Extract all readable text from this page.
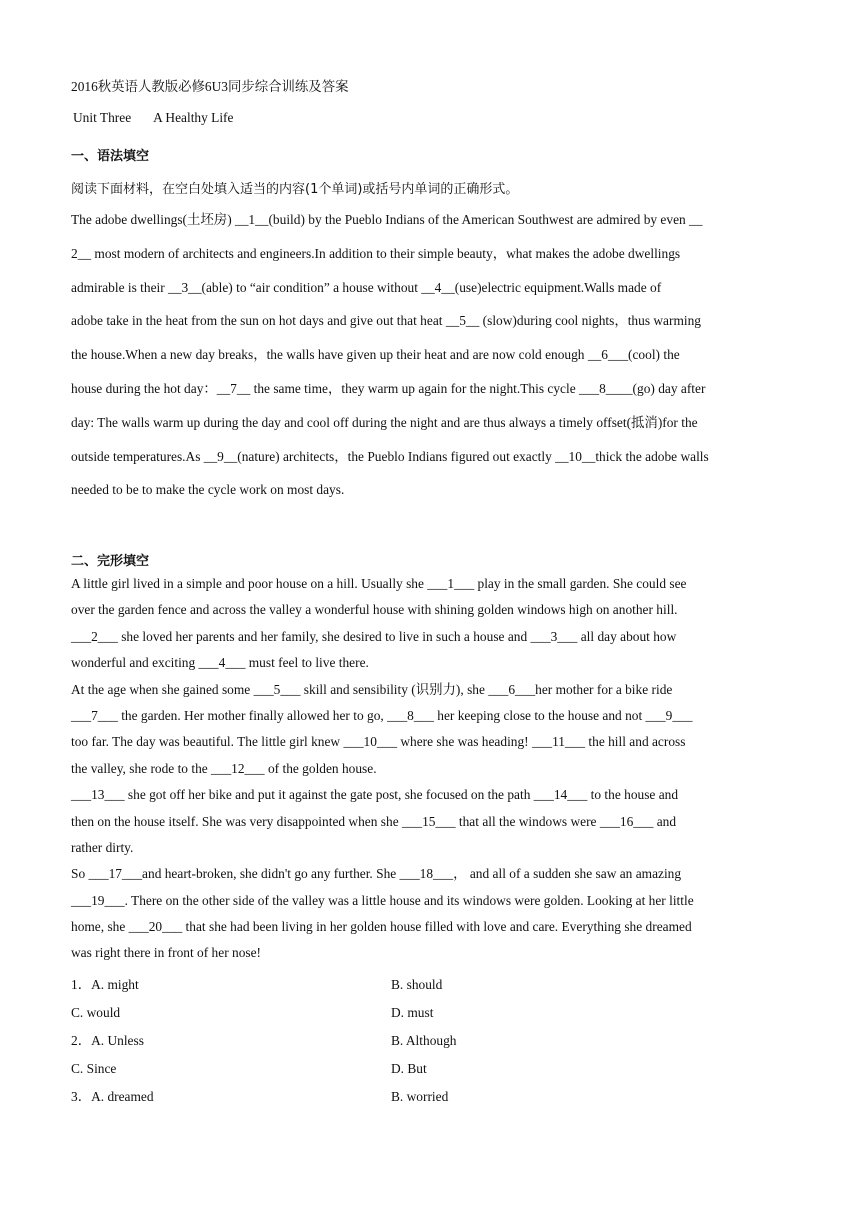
2016秋英语人教版必修6U3同步综合训练及答案
Unit Three A Healthy Life
一、语法填空
阅读下面材料，在空白处填入适当的内容(1个单词)或括号内单词的正确形式。

The adobe dwellings(土坯房) __1__(build) by the Pueblo Indians of the American Southwest are admired by even __

2__ most modern of architects and engineers.In addition to their simple beauty，what makes the adobe dwellings

admirable is their __3__(able) to “air condition” a house without __4__(use)electric equipment.Walls made of

adobe take in the heat from the sun on hot days and give out that heat __5__ (slow)during cool nights，thus warming

the house.When a new day breaks，the walls have given up their heat and are now cold enough __6___(cool) the

house during the hot day：__7__ the same time，they warm up again for the night.This cycle ___8____(go) day after

day: The walls warm up during the day and cool off during the night and are thus always a timely offset(抵消)for the

outside temperatures.As __9__(nature) architects，the Pueblo Indians figured out exactly __10__thick the adobe walls

needed to be to make the cycle work on most days.

二、完形填空

A little girl lived in a simple and poor house on a hill. Usually she ___1___ play in the small garden. She could see

over the garden fence and across the valley a wonderful house with shining golden windows high on another hill.

___2___ she loved her parents and her family, she desired to live in such a house and ___3___ all day about how

wonderful and exciting ___4___ must feel to live there.

At the age when she gained some ___5___ skill and sensibility (识别力), she ___6___her mother for a bike ride

___7___ the garden. Her mother finally allowed her to go, ___8___ her keeping close to the house and not ___9___

too far. The day was beautiful. The little girl knew ___10___ where she was heading! ___11___ the hill and across

the valley, she rode to the ___12___ of the golden house.

___13___ she got off her bike and put it against the gate post, she focused on the path ___14___ to the house and

then on the house itself. She was very disappointed when she ___15___ that all the windows were ___16___ and

rather dirty.

So ___17___and heart-broken, she didn't go any further. She ___18___， and all of a sudden she saw an amazing

___19___. There on the other side of the valley was a little house and its windows were golden. Looking at her little

home, she ___20___ that she had been living in her golden house filled with love and care. Everything she dreamed

was right there in front of her nose!

1．A. might	B. should
C. would	D. must
2．A. Unless	B. Although
C. Since	D. But
3．A. dreamed	B. worried
